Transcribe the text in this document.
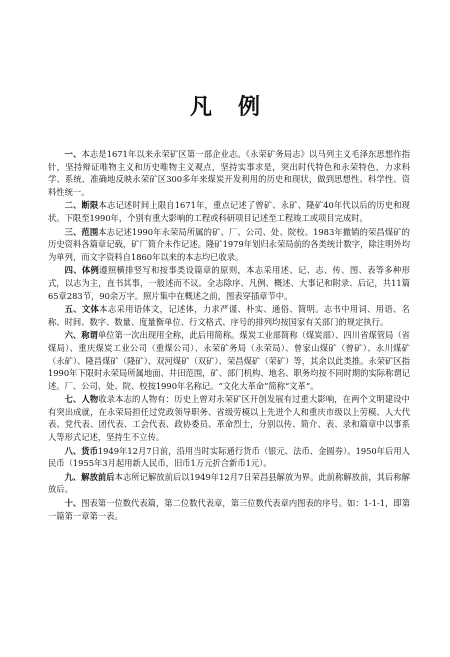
凡例

一、本志是1671年以来永荣矿区第一部企业志。《永荣矿务局志》以马列主义毛泽东思想作指针，坚持辩证唯物主义和历史唯物主义观点，坚持实事求是，突出时代特色和永荣特色，力求科学、系统、准确地反映永荣矿区300多年来煤炭开发利用的历史和现状，做到思想性、科学性、资料性统一。

二、断限本志记述时间上限自1671年，重点记述了曾矿、永矿、隆矿40年代以后的历史和现状。下限至1990年，个别有重大影响的工程或科研项目记述至工程竣工或项目完成时。

三、范围本志记述1990年永荣局所属的矿、厂、公司、处、院校。1983年撤销的荣昌煤矿的历史资料各篇章记载，矿厂简介未作记述。隆矿1979年划归永荣局前的各类统计数字，除注明外均为单列，而文字资料自1860年以来的本志均已收录。

四、体例遵照横排竖写和按事类设篇章的原则，本志采用述、记、志、传、图、表等多种形式，以志为主，直书其事，一般述而不议。全志除序、凡例、概述、大事记和附录、后记，共11篇65章283节，90余万字。照片集中在概述之前，图表穿插章节中。

五、文体本志采用语体文，记述体，力求严谨、朴实、通俗、简明。志书中用词、用语、名称、时间、数字、数量、度量衡单位、行文格式、序号的排列均按国家有关部门的规定执行。

六、称谓单位第一次出现用全称，此后用简称。煤炭工业部简称（煤炭部）、四川省煤管局（省煤局）、重庆煤炭工业公司（重煤公司）、永荣矿务局（永荣局）、曾家山煤矿（曾矿）、永川煤矿（永矿）、隆昌煤矿（隆矿）、双河煤矿（双矿）、荣昌煤矿（荣矿）等，其余以此类推。永荣矿区指1990年下限时永荣局所属地面、井田范围，矿、部门机构、地名、职务均按不同时期的实际称谓记述。厂、公司、处、院、校按1990年名称记。“文化大革命”简称“文革”。

七、人物收录本志的人物有：历史上曾对永荣矿区开创发展有过重大影响，在两个文明建设中有突出成就，在永荣局担任过党政领导职务、省级劳模以上先进个人和重庆市级以上劳模、人大代表、党代表、团代表、工会代表、政协委员、革命烈士，分别以传、简介、表、录和篇章中以事系人等形式记述，坚持生不立传。

八、货币1949年12月7日前，沿用当时实际通行货币（银元、法币、金圆券）。1950年后用人民币（1955年3月起用新人民币，旧币1万元折合新币1元）。

九、解放前后本志所记解放前后以1949年12月7日荣昌县解放为界。此前称解放前，其后称解放后。

十、图表第一位数代表篇，第二位数代表章，第三位数代表章内图表的序号。如：1-1-1，即第一篇第一章第一表。
